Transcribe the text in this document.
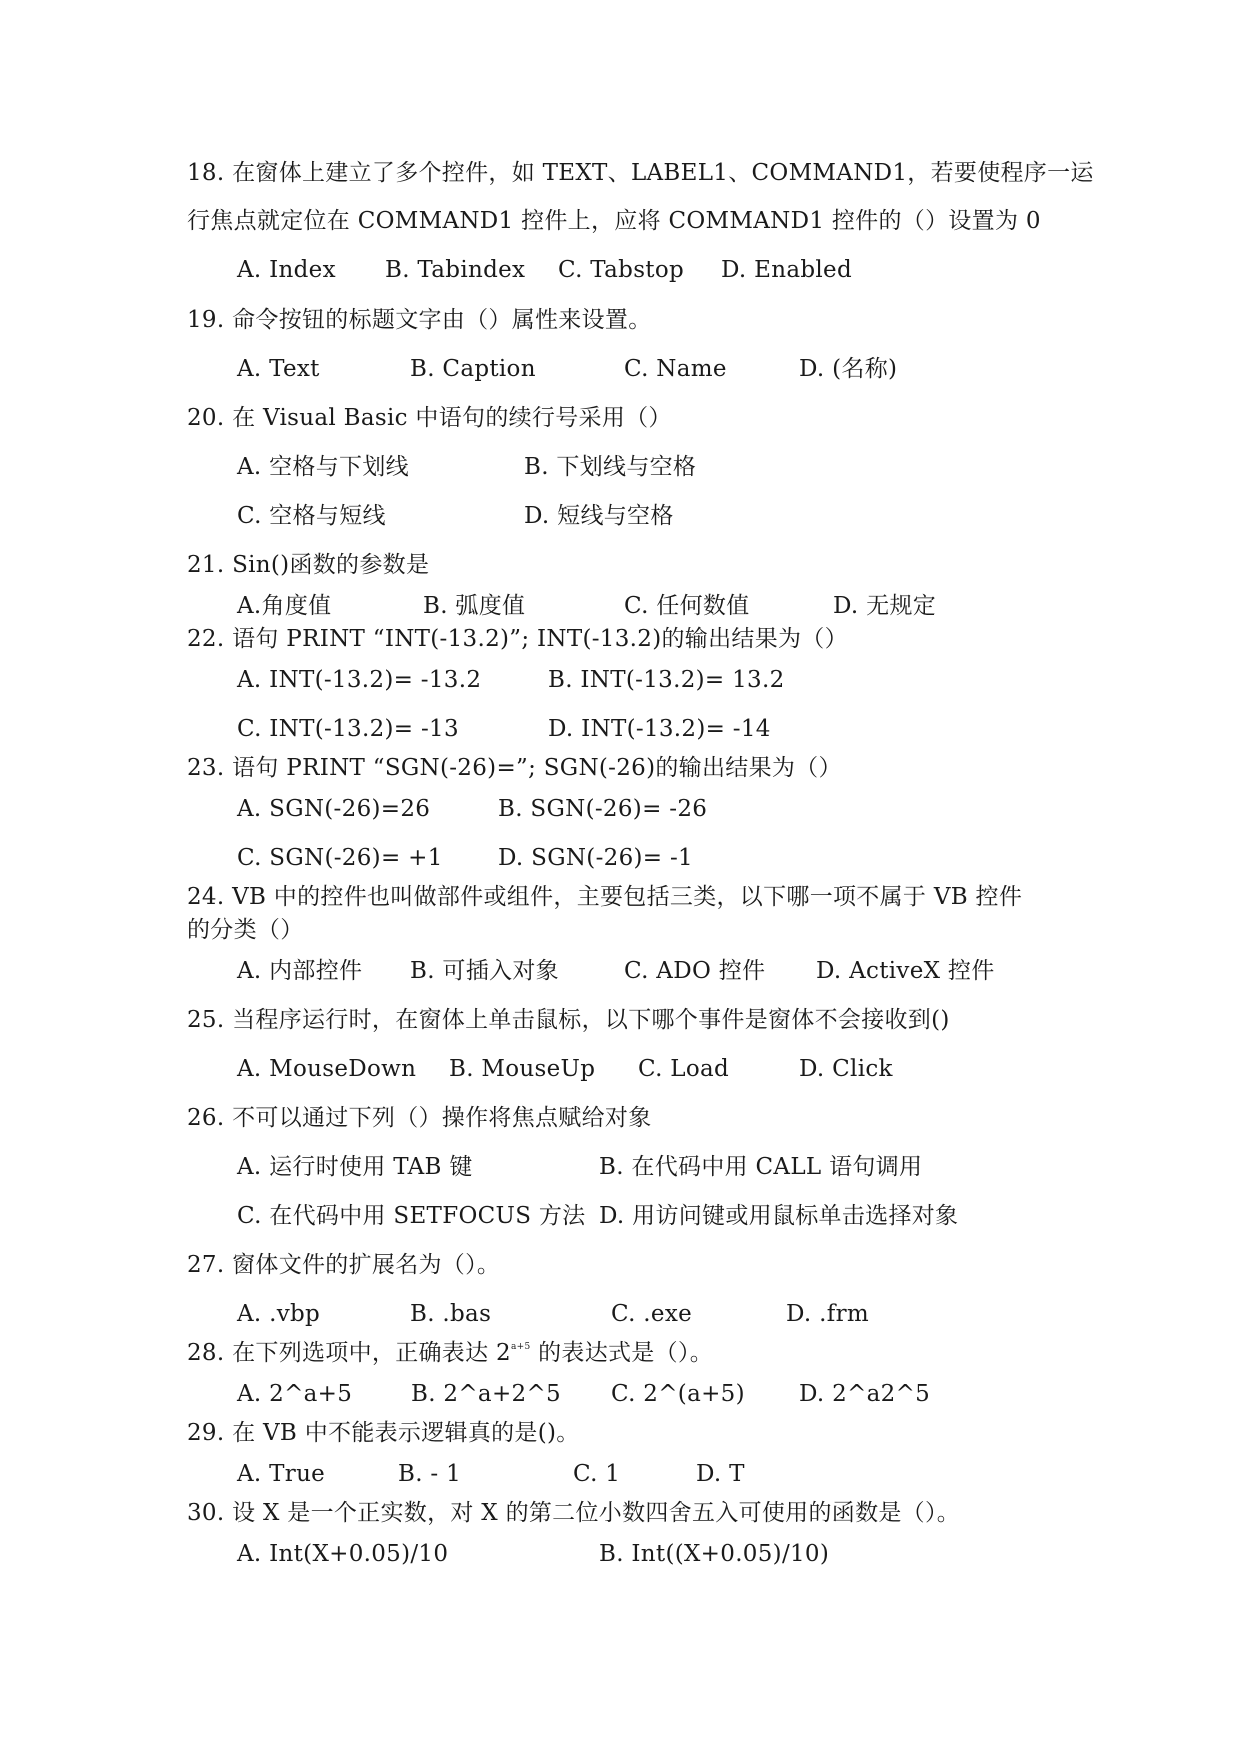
18. 在窗体上建立了多个控件，如 TEXT、LABEL1、COMMAND1，若要使程序一运
行焦点就定位在 COMMAND1 控件上，应将 COMMAND1 控件的（）设置为 0
A. Index B. Tabindex C. Tabstop D. Enabled
19. 命令按钮的标题文字由（）属性来设置。
A. Text	B. Caption	C. Name	D. (名称)
20. 在 Visual Basic 中语句的续行号采用（）
A. 空格与下划线	B. 下划线与空格
C. 空格与短线	D. 短线与空格
21. Sin()函数的参数是
A.角度值	B. 弧度值	C. 任何数值	D. 无规定
22. 语句 PRINT “INT(-13.2)”; INT(-13.2)的输出结果为（）
A. INT(-13.2)= -13.2	B. INT(-13.2)= 13.2
C. INT(-13.2)= -13	D. INT(-13.2)= -14
23. 语句 PRINT “SGN(-26)=”; SGN(-26)的输出结果为（）
A. SGN(-26)=26	B. SGN(-26)= -26
C. SGN(-26)= +1 D. SGN(-26)= -1
24. VB 中的控件也叫做部件或组件，主要包括三类，以下哪一项不属于 VB 控件
的分类（）
A. 内部控件 B. 可插入对象	C. ADO 控件 D. ActiveX 控件
25. 当程序运行时，在窗体上单击鼠标，以下哪个事件是窗体不会接收到()
A. MouseDown B. MouseUp C. Load	D. Click
26. 不可以通过下列（）操作将焦点赋给对象
A. 运行时使用 TAB 键	B. 在代码中用 CALL 语句调用
C. 在代码中用 SETFOCUS 方法 D. 用访问键或用鼠标单击选择对象
27. 窗体文件的扩展名为（）。
A. .vbp	B. .bas	C. .exe	D. .frm
28. 在下列选项中，正确表达 $2^{a+5}$ 的表达式是（）。
A. 2^a+5	B. 2^a+2^5 C. 2^(a+5) D. 2^a2^5
29. 在 VB 中不能表示逻辑真的是()。
A. True	B. - 1	C. 1	D. T
30. 设 X 是一个正实数，对 X 的第二位小数四舍五入可使用的函数是（）。
A. Int(X+0.05)/10	B. Int((X+0.05)/10)
